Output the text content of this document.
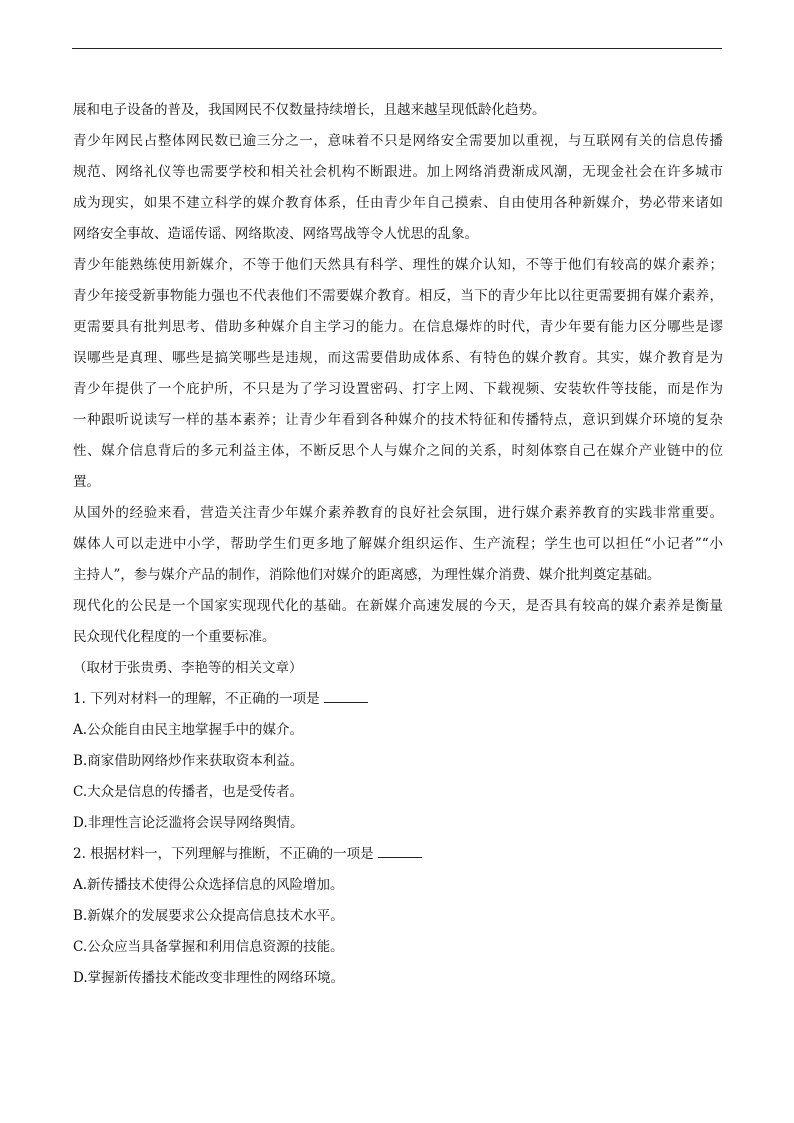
展和电子设备的普及，我国网民不仅数量持续增长，且越来越呈现低龄化趋势。
青少年网民占整体网民数已逾三分之一，意味着不只是网络安全需要加以重视，与互联网有关的信息传播
规范、网络礼仪等也需要学校和相关社会机构不断跟进。加上网络消费渐成风潮，无现金社会在许多城市
成为现实，如果不建立科学的媒介教育体系，任由青少年自己摸索、自由使用各种新媒介，势必带来诸如
网络安全事故、造谣传谣、网络欺凌、网络骂战等令人忧思的乱象。
青少年能熟练使用新媒介，不等于他们天然具有科学、理性的媒介认知，不等于他们有较高的媒介素养；
青少年接受新事物能力强也不代表他们不需要媒介教育。相反，当下的青少年比以往更需要拥有媒介素养，
更需要具有批判思考、借助多种媒介自主学习的能力。在信息爆炸的时代，青少年要有能力区分哪些是谬
误哪些是真理、哪些是搞笑哪些是违规，而这需要借助成体系、有特色的媒介教育。其实，媒介教育是为
青少年提供了一个庇护所，不只是为了学习设置密码、打字上网、下载视频、安装软件等技能，而是作为
一种跟听说读写一样的基本素养；让青少年看到各种媒介的技术特征和传播特点，意识到媒介环境的复杂
性、媒介信息背后的多元利益主体，不断反思个人与媒介之间的关系，时刻体察自己在媒介产业链中的位
置。
从国外的经验来看，营造关注青少年媒介素养教育的良好社会氛围，进行媒介素养教育的实践非常重要。
媒体人可以走进中小学，帮助学生们更多地了解媒介组织运作、生产流程；学生也可以担任“小记者”“小
主持人”，参与媒介产品的制作，消除他们对媒介的距离感，为理性媒介消费、媒介批判奠定基础。
现代化的公民是一个国家实现现代化的基础。在新媒介高速发展的今天，是否具有较高的媒介素养是衡量
民众现代化程度的一个重要标准。
（取材于张贵勇、李艳等的相关文章）
1. 下列对材料一的理解，不正确的一项是
A.公众能自由民主地掌握手中的媒介。
B.商家借助网络炒作来获取资本利益。
C.大众是信息的传播者，也是受传者。
D.非理性言论泛滥将会误导网络舆情。
2. 根据材料一，下列理解与推断，不正确的一项是
A.新传播技术使得公众选择信息的风险增加。
B.新媒介的发展要求公众提高信息技术水平。
C.公众应当具备掌握和利用信息资源的技能。
D.掌握新传播技术能改变非理性的网络环境。
